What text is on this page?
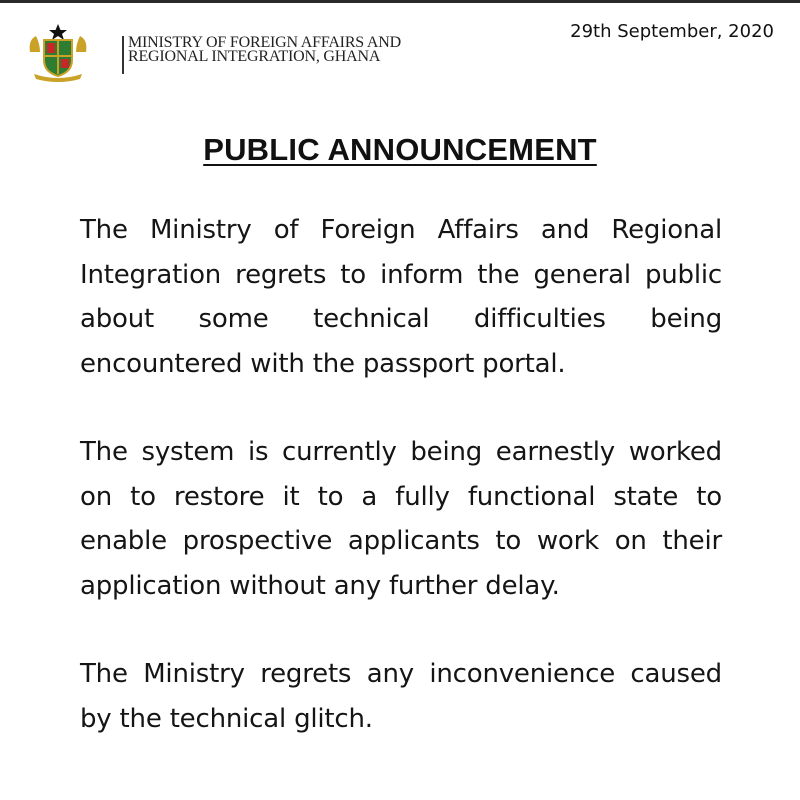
MINISTRY OF FOREIGN AFFAIRS AND
REGIONAL INTEGRATION, GHANA
29th September, 2020
PUBLIC ANNOUNCEMENT

The Ministry of Foreign Affairs and Regional Integration regrets to inform the general public about some technical difficulties being encountered with the passport portal.

The system is currently being earnestly worked on to restore it to a fully functional state to enable prospective applicants to work on their application without any further delay.

The Ministry regrets any inconvenience caused by the technical glitch.
